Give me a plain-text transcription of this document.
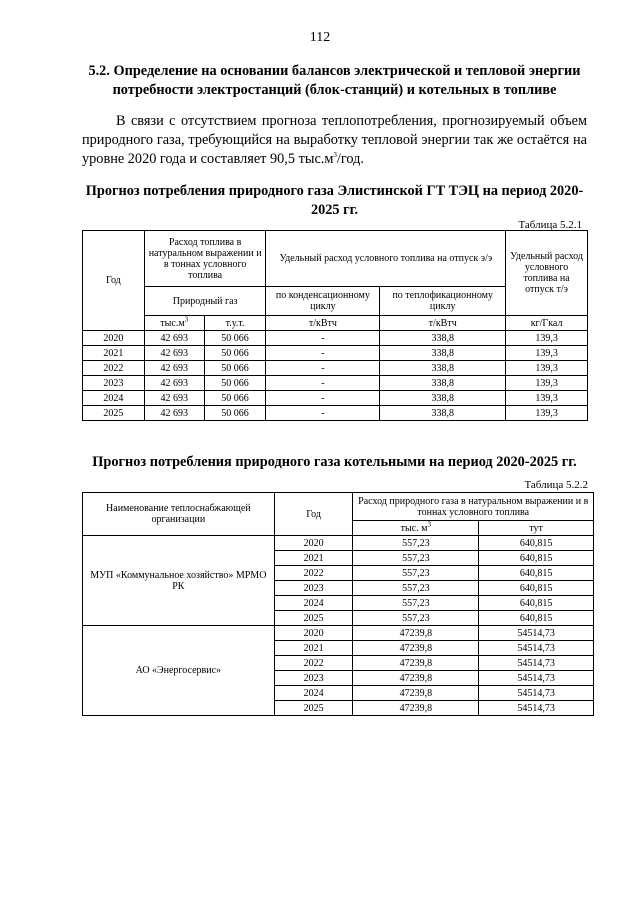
112
5.2. Определение на основании балансов электрической и тепловой энергии потребности электростанций (блок-станций) и котельных в топливе
В связи с отсутствием прогноза теплопотребления, прогнозируемый объем природного газа, требующийся на выработку тепловой энергии так же остаётся на уровне 2020 года и составляет 90,5 $тыс.м^3$/год.
Прогноз потребления природного газа Элистинской ГТ ТЭЦ на период 2020-2025 гг.
Таблица 5.2.1
Год	Расход топлива в натуральном выражении и в тоннах условного топлива		Удельный расход условного топлива на отпуск э/э		Удельный расход условного топлива на отпуск т/э
	Природный газ		по конденсационному циклу	по теплофикационному циклу	
	$тыс.м^3$	т.у.т.	т/кВтч	т/кВтч	кг/Гкал
2020	42 693	50 066	-	338,8	139,3
2021	42 693	50 066	-	338,8	139,3
2022	42 693	50 066	-	338,8	139,3
2023	42 693	50 066	-	338,8	139,3
2024	42 693	50 066	-	338,8	139,3
2025	42 693	50 066	-	338,8	139,3
Прогноз потребления природного газа котельными на период 2020-2025 гг.
Таблица 5.2.2
Наименование теплоснабжающей организации	Год	Расход природного газа в натуральном выражении и в тоннах условного топлива	
		тыс. $м^3$	тут
МУП «Коммунальное хозяйство» МРМО РК	2020	557,23	640,815
	2021	557,23	640,815
	2022	557,23	640,815
	2023	557,23	640,815
	2024	557,23	640,815
	2025	557,23	640,815
АО «Энергосервис»	2020	47239,8	54514,73
	2021	47239,8	54514,73
	2022	47239,8	54514,73
	2023	47239,8	54514,73
	2024	47239,8	54514,73
	2025	47239,8	54514,73
